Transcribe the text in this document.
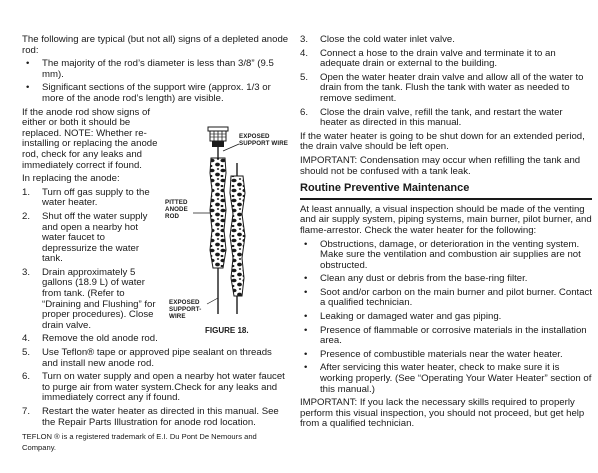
The following are typical (but not all) signs of a depleted anode rod:

• The majority of the rod’s diameter is less than 3/8” (9.5 mm).
• Significant sections of the support wire (approx. 1/3 or more of the anode rod’s length) are visible.

If the anode rod show signs of either or both it should be replaced. NOTE: Whether re-installing or replacing the anode rod, check for any leaks and immediately correct if found.

In replacing the anode:

1.	Turn off gas supply to the water heater.
2.	Shut off the water supply and open a nearby hot water faucet to depressurize the water tank.
3.	Drain approximately 5 gallons (18.9 L) of water from tank. (Refer to “Draining and Flushing” for proper procedures). Close drain valve.
4.	Remove the old anode rod.
5.	Use Teflon® tape or approved pipe sealant on threads and install new anode rod.
6.	Turn on water supply and open a nearby hot water faucet to purge air from water system.Check for any leaks and immediately correct any if found.
7.	Restart the water heater as directed in this manual. See the Repair Parts Illustration for anode rod location.

TEFLON ® is a registered trademark of E.I. Du Pont De Nemours and Company.

EXPOSED SUPPORT WIRE
PITTED ANODE ROD
EXPOSED SUPPORT- WIRE
FIGURE 18.
3.	Close the cold water inlet valve.
4.	Connect a hose to the drain valve and terminate it to an adequate drain or external to the building.
5.	Open the water heater drain valve and allow all of the water to drain from the tank. Flush the tank with water as needed to remove sediment.
6.	Close the drain valve, refill the tank, and restart the water heater as directed in this manual.

If the water heater is going to be shut down for an extended period, the drain valve should be left open.

IMPORTANT: Condensation may occur when refilling the tank and should not be confused with a tank leak.

Routine Preventive Maintenance

At least annually, a visual inspection should be made of the venting and air supply system, piping systems, main burner, pilot burner, and flame-arrestor. Check the water heater for the following:

• Obstructions, damage, or deterioration in the venting system. Make sure the ventilation and combustion air supplies are not obstructed.
• Clean any dust or debris from the base-ring filter.
• Soot and/or carbon on the main burner and pilot burner. Contact a qualified technician.
• Leaking or damaged water and gas piping.
• Presence of flammable or corrosive materials in the installation area.
• Presence of combustible materials near the water heater.
• After servicing this water heater, check to make sure it is working properly. (See “Operating Your Water Heater” section of this manual.)

IMPORTANT: If you lack the necessary skills required to properly perform this visual inspection, you should not proceed, but get help from a qualified technician.
